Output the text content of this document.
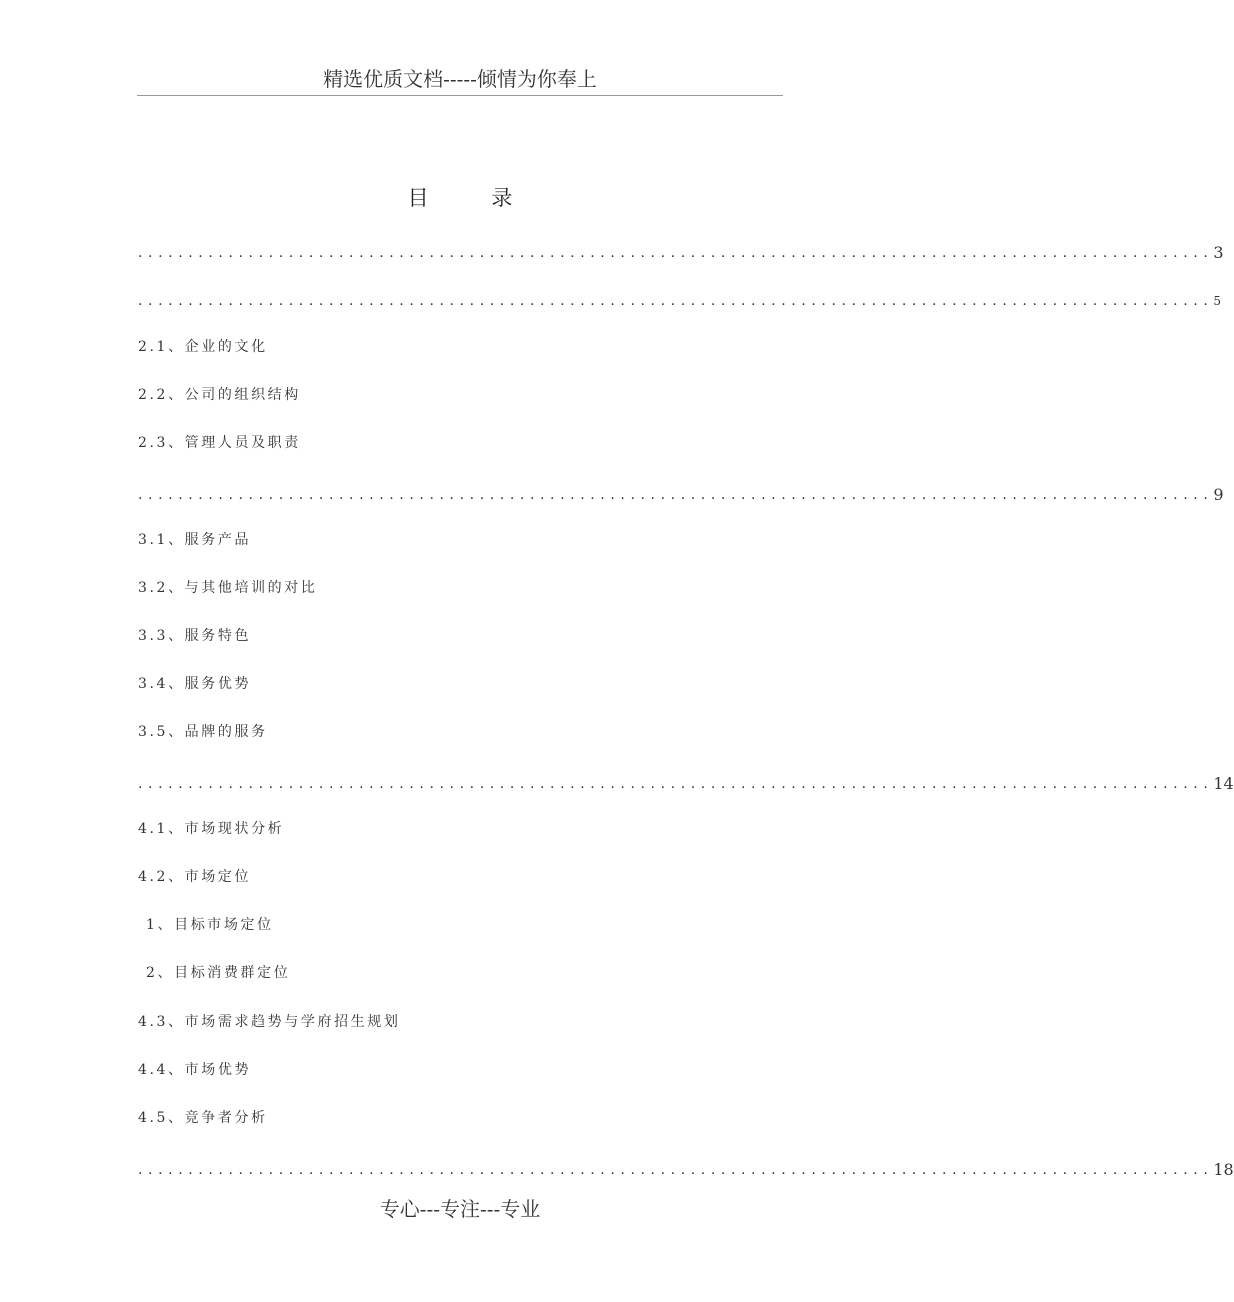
精选优质文档-----倾情为你奉上
目 录
........................................................................................................... 3
........................................................................................................... 5
2.1、企业的文化
2.2、公司的组织结构
2.3、管理人员及职责
........................................................................................................... 9
3.1、服务产品
3.2、与其他培训的对比
3.3、服务特色
3.4、服务优势
3.5、品牌的服务
........................................................................................................... 14
4.1、市场现状分析
4.2、市场定位
1、目标市场定位
2、目标消费群定位
4.3、市场需求趋势与学府招生规划
4.4、市场优势
4.5、竞争者分析
........................................................................................................... 18
专心---专注---专业
